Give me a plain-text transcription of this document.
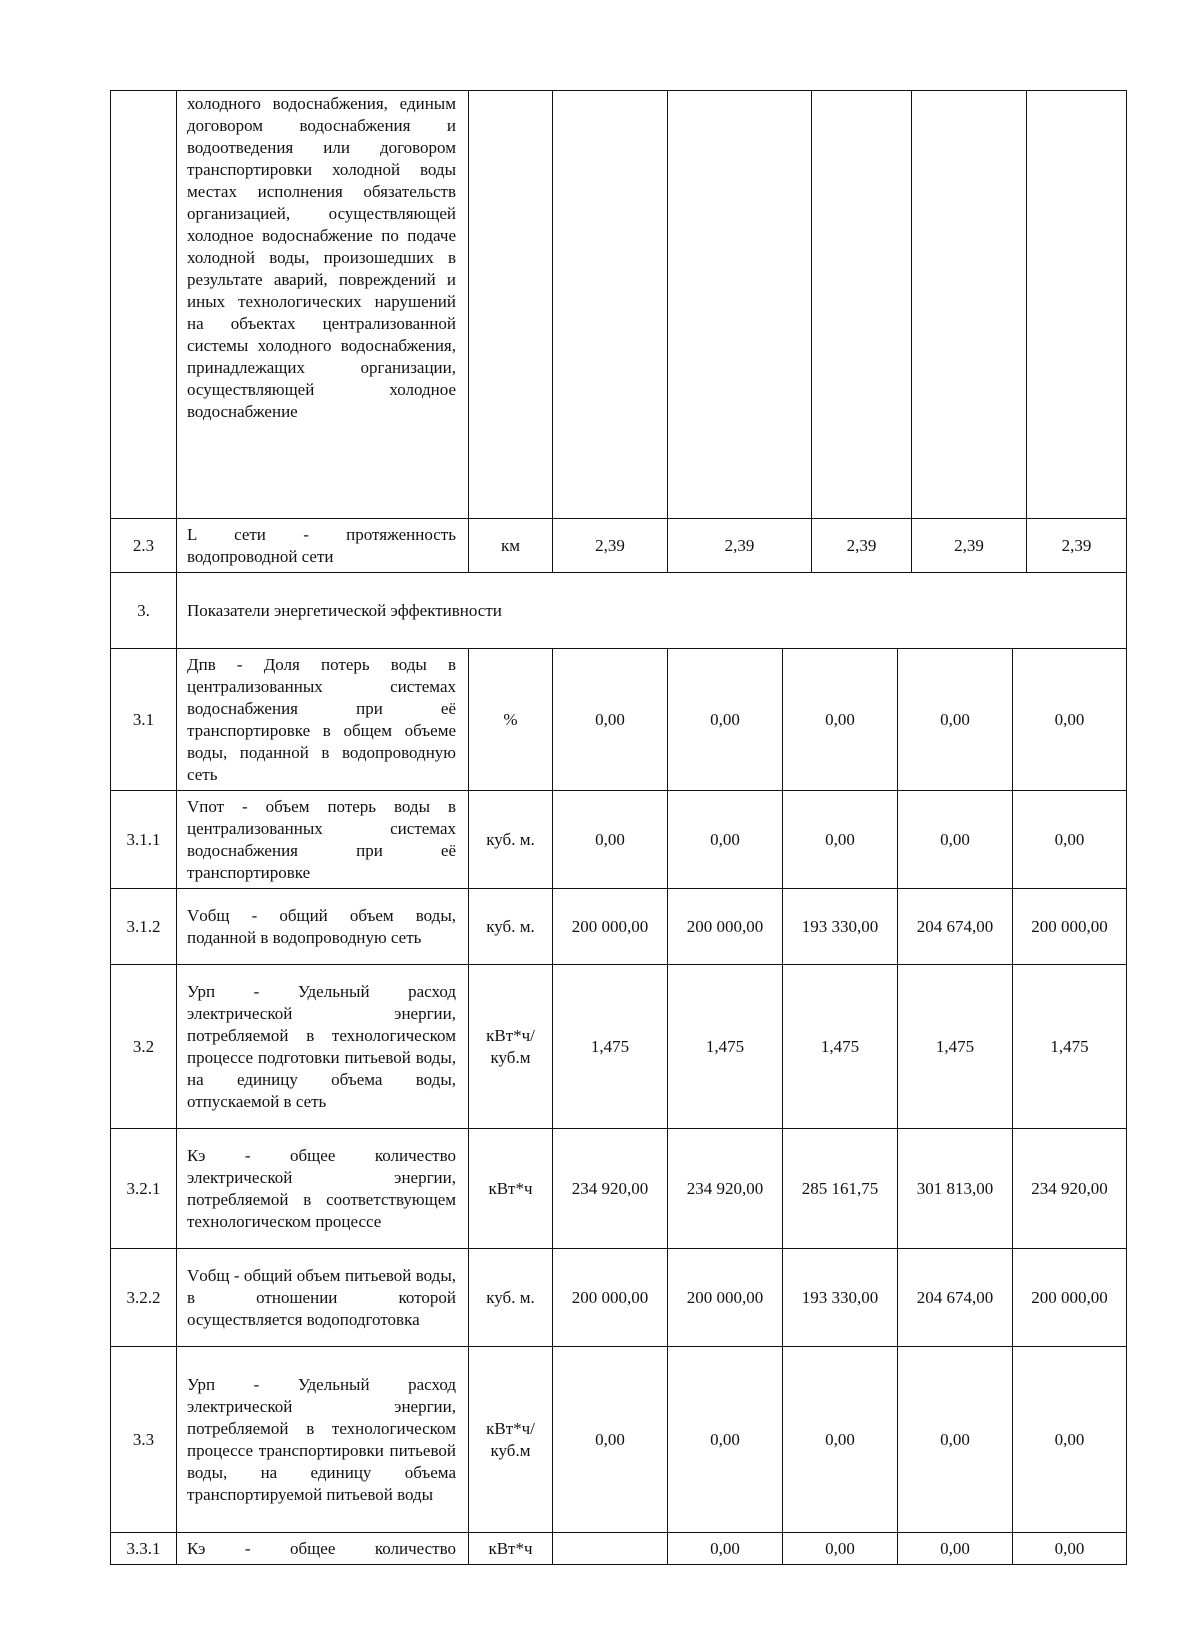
	холодного водоснабжения, единым договором водоснабжения и водоотведения или договором транспортировки холодной воды местах исполнения обязательств организацией, осуществляющей холодное водоснабжение по подаче холодной воды, произошедших в результате аварий, повреждений и иных технологических нарушений на объектах централизованной системы холодного водоснабжения, принадлежащих организации, осуществляющей холодное водоснабжение						

2.3	L сети - протяженность водопроводной сети	км	2,39	2,39	2,39	2,39	2,39
3.	Показатели энергетической эффективности						
3.1	Дпв - Доля потерь воды в централизованных системах водоснабжения при её транспортировке в общем объеме воды, поданной в водопроводную сеть	%	0,00	0,00	0,00	0,00	0,00
3.1.1	Vпот - объем потерь воды в централизованных системах водоснабжения при её транспортировке	куб. м.	0,00	0,00	0,00	0,00	0,00
3.1.2	Vобщ - общий объем воды, поданной в водопроводную сеть	куб. м.	200 000,00	200 000,00	193 330,00	204 674,00	200 000,00
3.2	Урп - Удельный расход электрической энергии, потребляемой в технологическом процессе подготовки питьевой воды, на единицу объема воды, отпускаемой в сеть	кВт*ч/ куб.м	1,475	1,475	1,475	1,475	1,475
3.2.1	Кэ - общее количество электрической энергии, потребляемой в соответствующем технологическом процессе	кВт*ч	234 920,00	234 920,00	285 161,75	301 813,00	234 920,00
3.2.2	Vобщ - общий объем питьевой воды, в отношении которой осуществляется водоподготовка	куб. м.	200 000,00	200 000,00	193 330,00	204 674,00	200 000,00
3.3	Урп - Удельный расход электрической энергии, потребляемой в технологическом процессе транспортировки питьевой воды, на единицу объема транспортируемой питьевой воды	кВт*ч/ куб.м	0,00	0,00	0,00	0,00	0,00
3.3.1	Кэ - общее количество	кВт*ч		0,00	0,00	0,00	0,00
